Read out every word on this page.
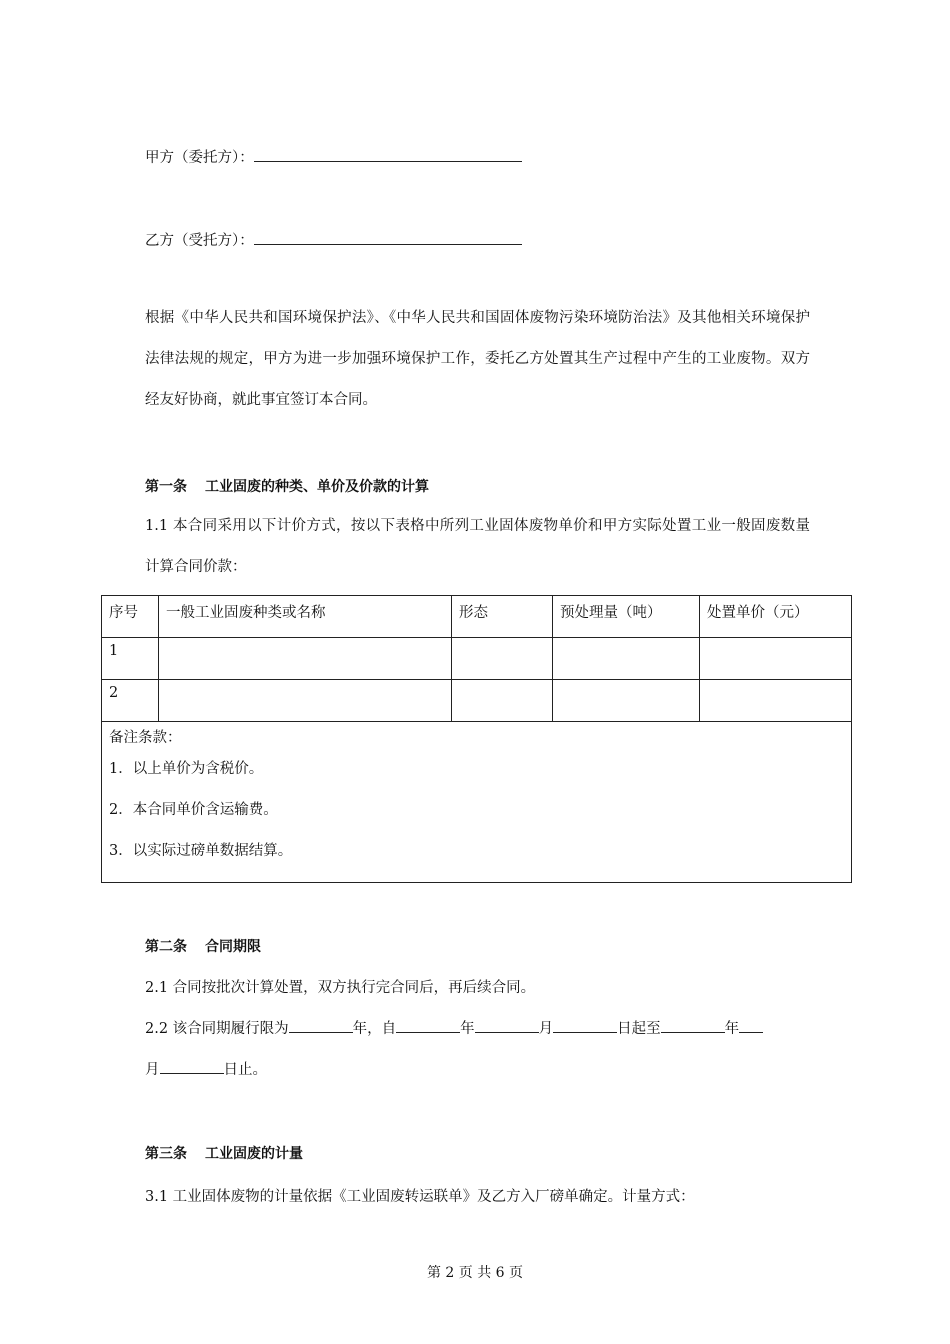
甲方（委托方）：
乙方（受托方）：
根据《中华人民共和国环境保护法》、《中华人民共和国固体废物污染环境防治法》及其他相关环境保护法律法规的规定，甲方为进一步加强环境保护工作，委托乙方处置其生产过程中产生的工业废物。双方经友好协商，就此事宜签订本合同。
第一条 工业固废的种类、单价及价款的计算
1.1 本合同采用以下计价方式，按以下表格中所列工业固体废物单价和甲方实际处置工业一般固废数量计算合同价款：
序号	一般工业固废种类或名称	形态	预处理量（吨）	处置单价（元）
1				
2				

备注条款：
1．以上单价为含税价。
2．本合同单价含运输费。
3．以实际过磅单数据结算。				
第二条 合同期限
2.1 合同按批次计算处置，双方执行完合同后，再后续合同。
2.2 该合同期履行限为	年，自	年	月	日起至	年
月	日止。
第三条 工业固废的计量
3.1 工业固体废物的计量依据《工业固废转运联单》及乙方入厂磅单确定。计量方式：
第 2 页 共 6 页
